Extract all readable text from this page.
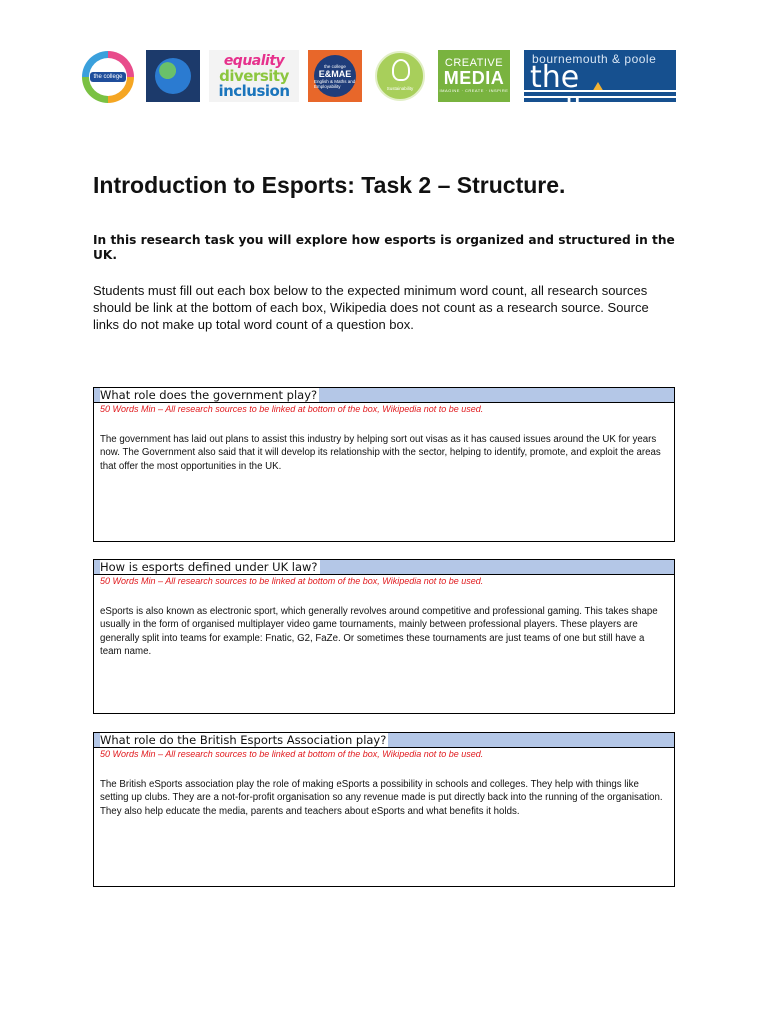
the college
equality
diversity
inclusion
the college
E&MAE
English & Maths and Employability	Sustainability
CREATIVE
MEDIA
IMAGINE · CREATE · INSPIRE
bournemouth & poole
the college
Introduction to Esports: Task 2 – Structure.

In this research task you will explore how esports is organized and structured in the UK.

Students must fill out each box below to the expected minimum word count, all research sources should be link at the bottom of each box, Wikipedia does not count as a research source. Source links do not make up total word count of a question box.

What role does the government play?
50 Words Min – All research sources to be linked at bottom of the box, Wikipedia not to be used.
The government has laid out plans to assist this industry by helping sort out visas as it has caused issues around the UK for years now. The Government also said that it will develop its relationship with the sector, helping to identify, promote, and exploit the areas that offer the most opportunities in the UK.
How is esports defined under UK law?
50 Words Min – All research sources to be linked at bottom of the box, Wikipedia not to be used.
eSports is also known as electronic sport, which generally revolves around competitive and professional gaming. This takes shape usually in the form of organised multiplayer video game tournaments, mainly between professional players. These players are generally split into teams for example: Fnatic, G2, FaZe. Or sometimes these tournaments are just teams of one but still have a team name.
What role do the British Esports Association play?
50 Words Min – All research sources to be linked at bottom of the box, Wikipedia not to be used.
The British eSports association play the role of making eSports a possibility in schools and colleges. They help with things like setting up clubs. They are a not-for-profit organisation so any revenue made is put directly back into the running of the organisation. They also help educate the media, parents and teachers about eSports and what benefits it holds.
